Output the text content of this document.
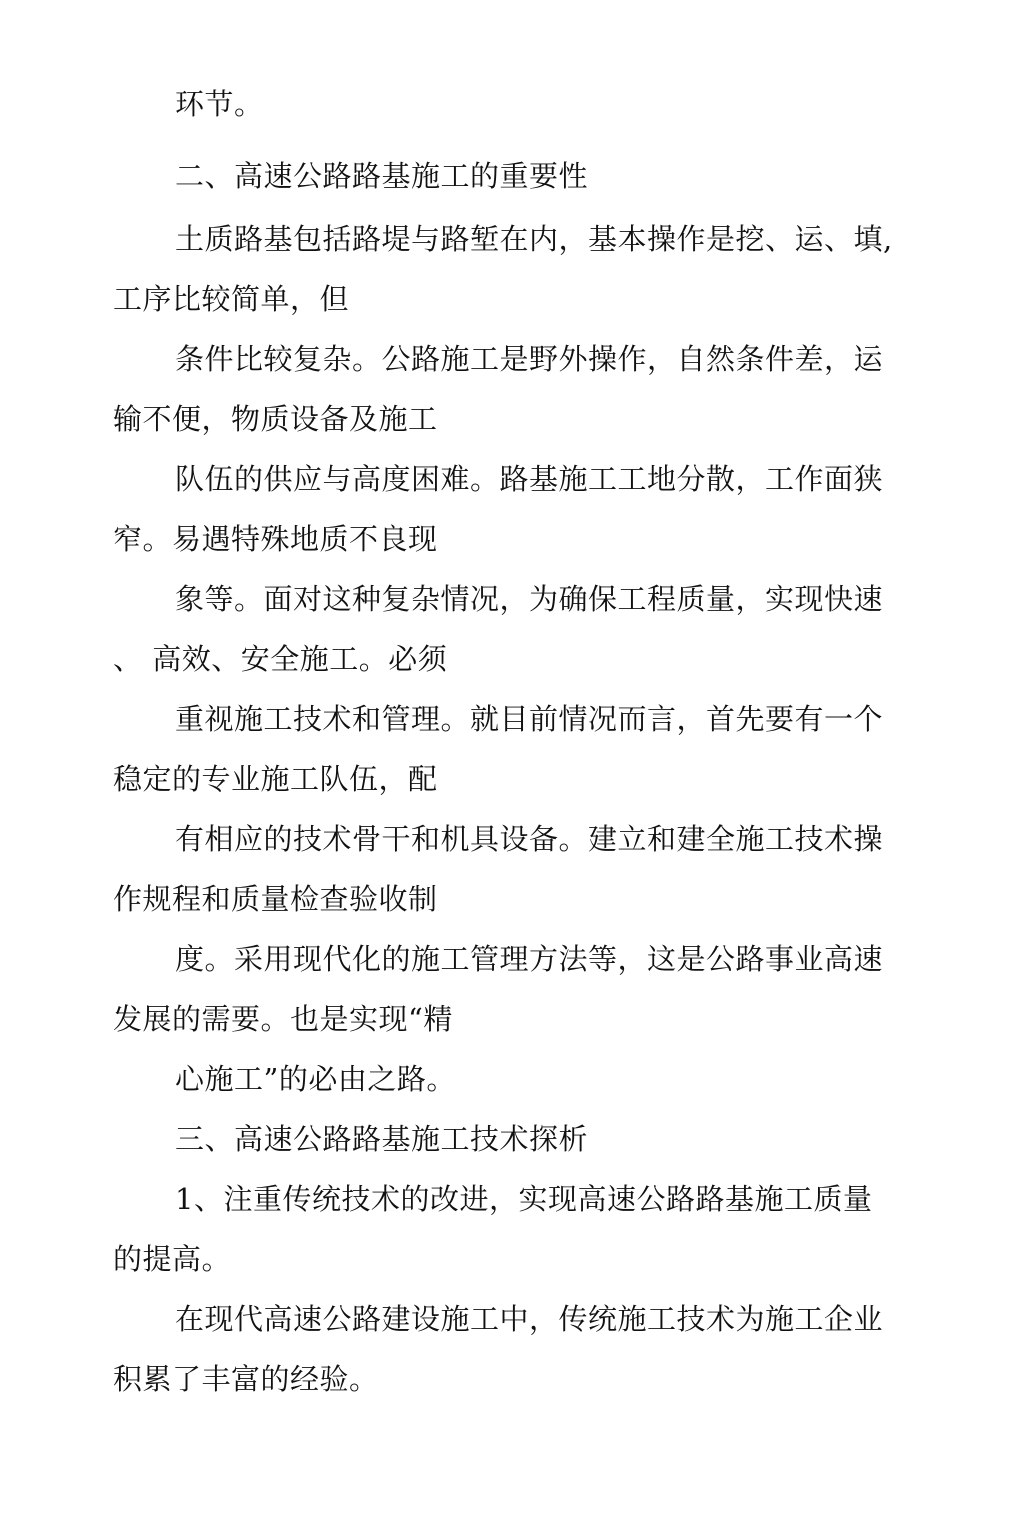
环节。
二、高速公路路基施工的重要性
土质路基包括路堤与路堑在内，基本操作是挖、运、填,
工序比较简单，但
条件比较复杂。公路施工是野外操作，自然条件差，运
输不便，物质设备及施工
队伍的供应与高度困难。路基施工工地分散，工作面狭
窄。易遇特殊地质不良现
象等。面对这种复杂情况，为确保工程质量，实现快速
、 高效、安全施工。必须
重视施工技术和管理。就目前情况而言，首先要有一个
稳定的专业施工队伍，配
有相应的技术骨干和机具设备。建立和建全施工技术操
作规程和质量检查验收制
度。采用现代化的施工管理方法等，这是公路事业高速
发展的需要。也是实现“精
心施工”的必由之路。
三、高速公路路基施工技术探析
1、注重传统技术的改进，实现高速公路路基施工质量
的提高。
在现代高速公路建设施工中，传统施工技术为施工企业
积累了丰富的经验。
